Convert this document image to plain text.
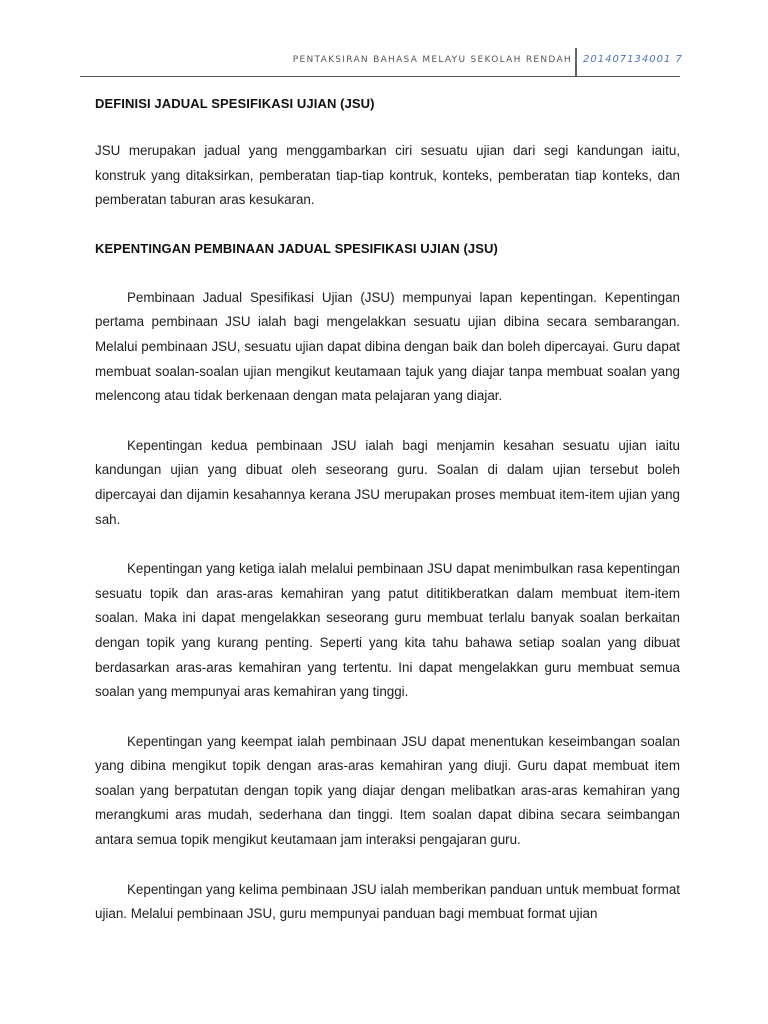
PENTAKSIRAN BAHASA MELAYU SEKOLAH RENDAH 201407134001 7
DEFINISI JADUAL SPESIFIKASI UJIAN (JSU)

JSU merupakan jadual yang menggambarkan ciri sesuatu ujian dari segi kandungan iaitu, konstruk yang ditaksirkan, pemberatan tiap-tiap kontruk, konteks, pemberatan tiap konteks, dan pemberatan taburan aras kesukaran.

KEPENTINGAN PEMBINAAN JADUAL SPESIFIKASI UJIAN (JSU)

Pembinaan Jadual Spesifikasi Ujian (JSU) mempunyai lapan kepentingan. Kepentingan pertama pembinaan JSU ialah bagi mengelakkan sesuatu ujian dibina secara sembarangan. Melalui pembinaan JSU, sesuatu ujian dapat dibina dengan baik dan boleh dipercayai. Guru dapat membuat soalan-soalan ujian mengikut keutamaan tajuk yang diajar tanpa membuat soalan yang melencong atau tidak berkenaan dengan mata pelajaran yang diajar.

Kepentingan kedua pembinaan JSU ialah bagi menjamin kesahan sesuatu ujian iaitu kandungan ujian yang dibuat oleh seseorang guru. Soalan di dalam ujian tersebut boleh dipercayai dan dijamin kesahannya kerana JSU merupakan proses membuat item-item ujian yang sah.

Kepentingan yang ketiga ialah melalui pembinaan JSU dapat menimbulkan rasa kepentingan sesuatu topik dan aras-aras kemahiran yang patut dititikberatkan dalam membuat item-item soalan. Maka ini dapat mengelakkan seseorang guru membuat terlalu banyak soalan berkaitan dengan topik yang kurang penting. Seperti yang kita tahu bahawa setiap soalan yang dibuat berdasarkan aras-aras kemahiran yang tertentu. Ini dapat mengelakkan guru membuat semua soalan yang mempunyai aras kemahiran yang tinggi.

Kepentingan yang keempat ialah pembinaan JSU dapat menentukan keseimbangan soalan yang dibina mengikut topik dengan aras-aras kemahiran yang diuji. Guru dapat membuat item soalan yang berpatutan dengan topik yang diajar dengan melibatkan aras-aras kemahiran yang merangkumi aras mudah, sederhana dan tinggi. Item soalan dapat dibina secara seimbangan antara semua topik mengikut keutamaan jam interaksi pengajaran guru.

Kepentingan yang kelima pembinaan JSU ialah memberikan panduan untuk membuat format ujian. Melalui pembinaan JSU, guru mempunyai panduan bagi membuat format ujian
